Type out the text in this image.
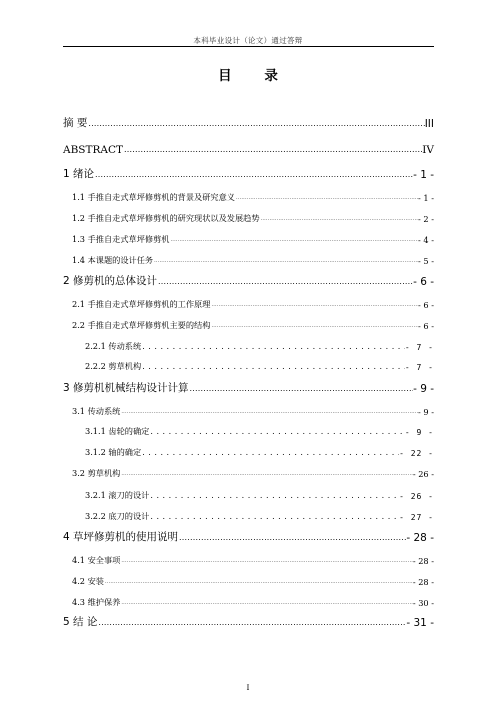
本科毕业设计（论文）通过答辩
目 录
摘 要 .....	III
ABSTRACT .....	IV
1 绪论 .....	- 1 -
1.1 手推自走式草坪修剪机的背景及研究意义 .....	- 1 -
1.2 手推自走式草坪修剪机的研究现状以及发展趋势 .....	- 2 -
1.3 手推自走式草坪修剪机 .....	- 4 -
1.4 本课题的设计任务 .....	- 5 -
2 修剪机的总体设计 .....	- 6 -
2.1 手推自走式草坪修剪机的工作原理 .....	- 6 -
2.2 手推自走式草坪修剪机主要的结构 .....	- 6 -
2.2.1 传动系统 . . .	- 7 -
2.2.2 剪草机构 . . .	- 7 -
3 修剪机机械结构设计计算 .....	- 9 -
3.1 传动系统 .....	- 9 -
3.1.1 齿轮的确定 . . .	- 9 -
3.1.2 轴的确定 . . .	- 22 -
3.2 剪草机构 .....	- 26 -
3.2.1 滚刀的设计 . . .	- 26 -
3.2.2 底刀的设计 . . .	- 27 -
4 草坪修剪机的使用说明 .....	- 28 -
4.1 安全事项 .....	- 28 -
4.2 安装 .....	- 28 -
4.3 维护保养 .....	- 30 -
5 结 论 .....	- 31 -
I
